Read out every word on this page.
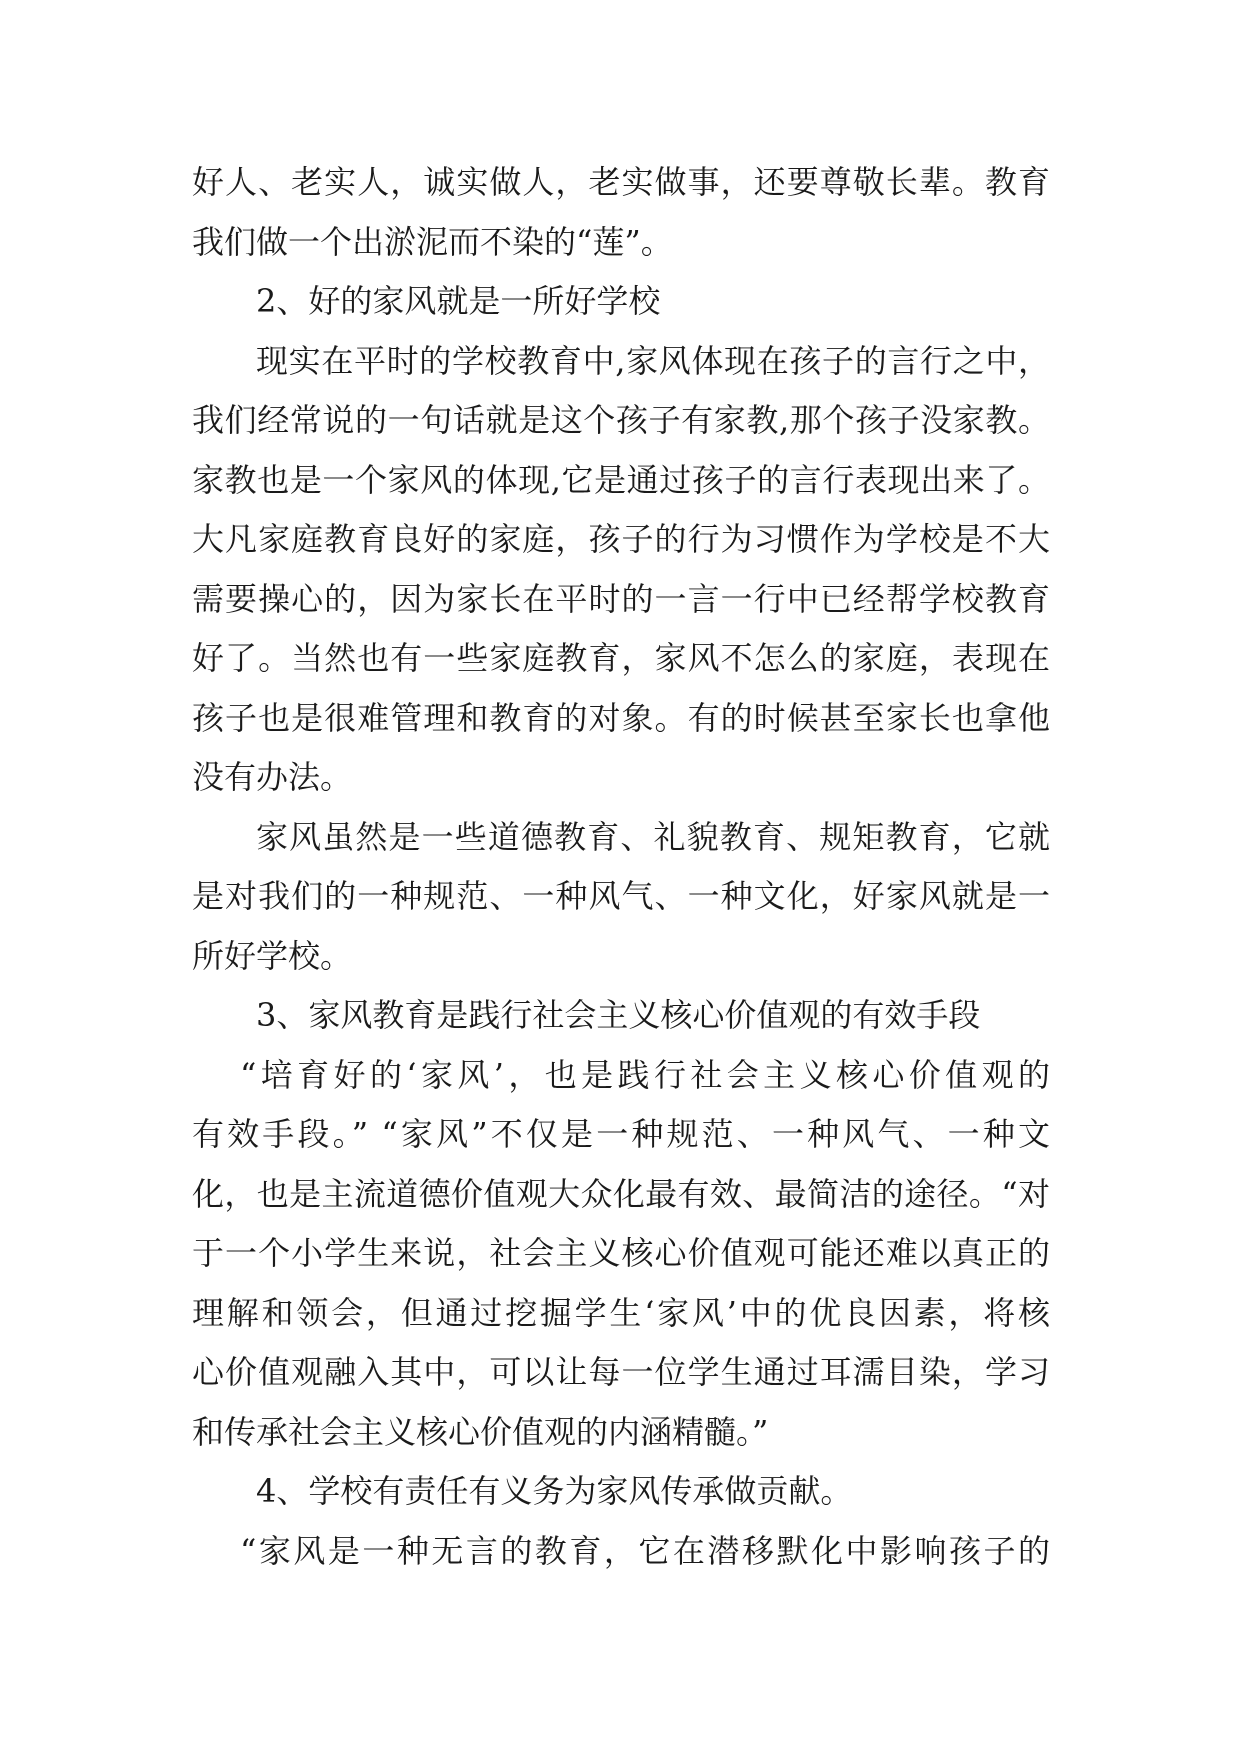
好人、老实人，诚实做人，老实做事，还要尊敬长辈。教育
我们做一个出淤泥而不染的“莲”。
2、好的家风就是一所好学校
现实在平时的学校教育中,家风体现在孩子的言行之中，
我们经常说的一句话就是这个孩子有家教,那个孩子没家教。
家教也是一个家风的体现,它是通过孩子的言行表现出来了。
大凡家庭教育良好的家庭，孩子的行为习惯作为学校是不大
需要操心的，因为家长在平时的一言一行中已经帮学校教育
好了。当然也有一些家庭教育，家风不怎么的家庭，表现在
孩子也是很难管理和教育的对象。有的时候甚至家长也拿他
没有办法。
家风虽然是一些道德教育、礼貌教育、规矩教育，它就
是对我们的一种规范、一种风气、一种文化，好家风就是一
所好学校。
3、家风教育是践行社会主义核心价值观的有效手段
“培育好的‘家风’，也是践行社会主义核心价值观的
有效手段。” “家风”不仅是一种规范、一种风气、一种文
化，也是主流道德价值观大众化最有效、最简洁的途径。“对
于一个小学生来说，社会主义核心价值观可能还难以真正的
理解和领会，但通过挖掘学生‘家风’中的优良因素，将核
心价值观融入其中，可以让每一位学生通过耳濡目染，学习
和传承社会主义核心价值观的内涵精髓。”
4、学校有责任有义务为家风传承做贡献。
“家风是一种无言的教育，它在潜移默化中影响孩子的
